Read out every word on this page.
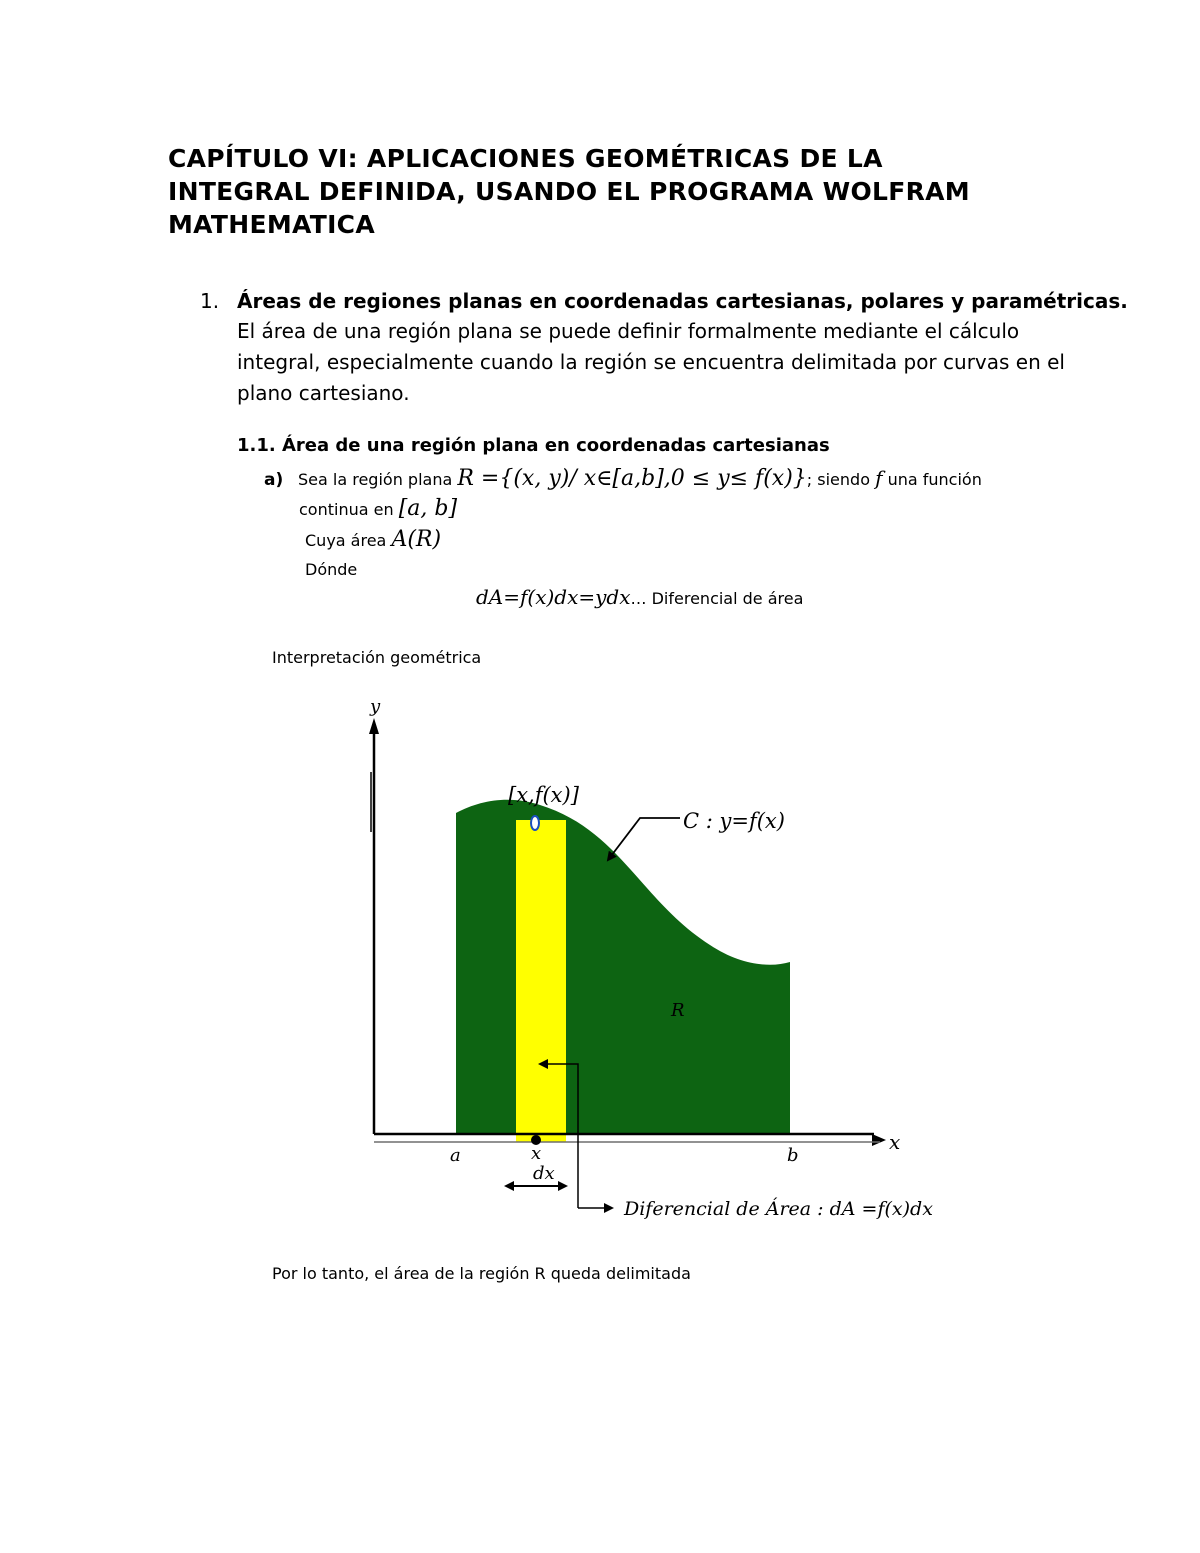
CAPÍTULO VI: APLICACIONES GEOMÉTRICAS DE LA
INTEGRAL DEFINIDA, USANDO EL PROGRAMA WOLFRAM
MATHEMATICA
1. Áreas de regiones planas en coordenadas cartesianas, polares y paramétricas.
El área de una región plana se puede definir formalmente mediante el cálculo
integral, especialmente cuando la región se encuentra delimitada por curvas en el
plano cartesiano.
1.1. Área de una región plana en coordenadas cartesianas
a) Sea la región plana R ={(x, y)/ x∈[a,b],0 ≤ y≤ f(x)}; siendo f una función
continua en [a, b]
Cuya área A(R)
Dónde
dA=f(x)dx=ydx… Diferencial de área
Interpretación geométrica
y
x
[x,f(x)]
C : y=f(x)
R
a	x	b
dx
Diferencial de Área : dA =f(x)dx
Por lo tanto, el área de la región R queda delimitada
